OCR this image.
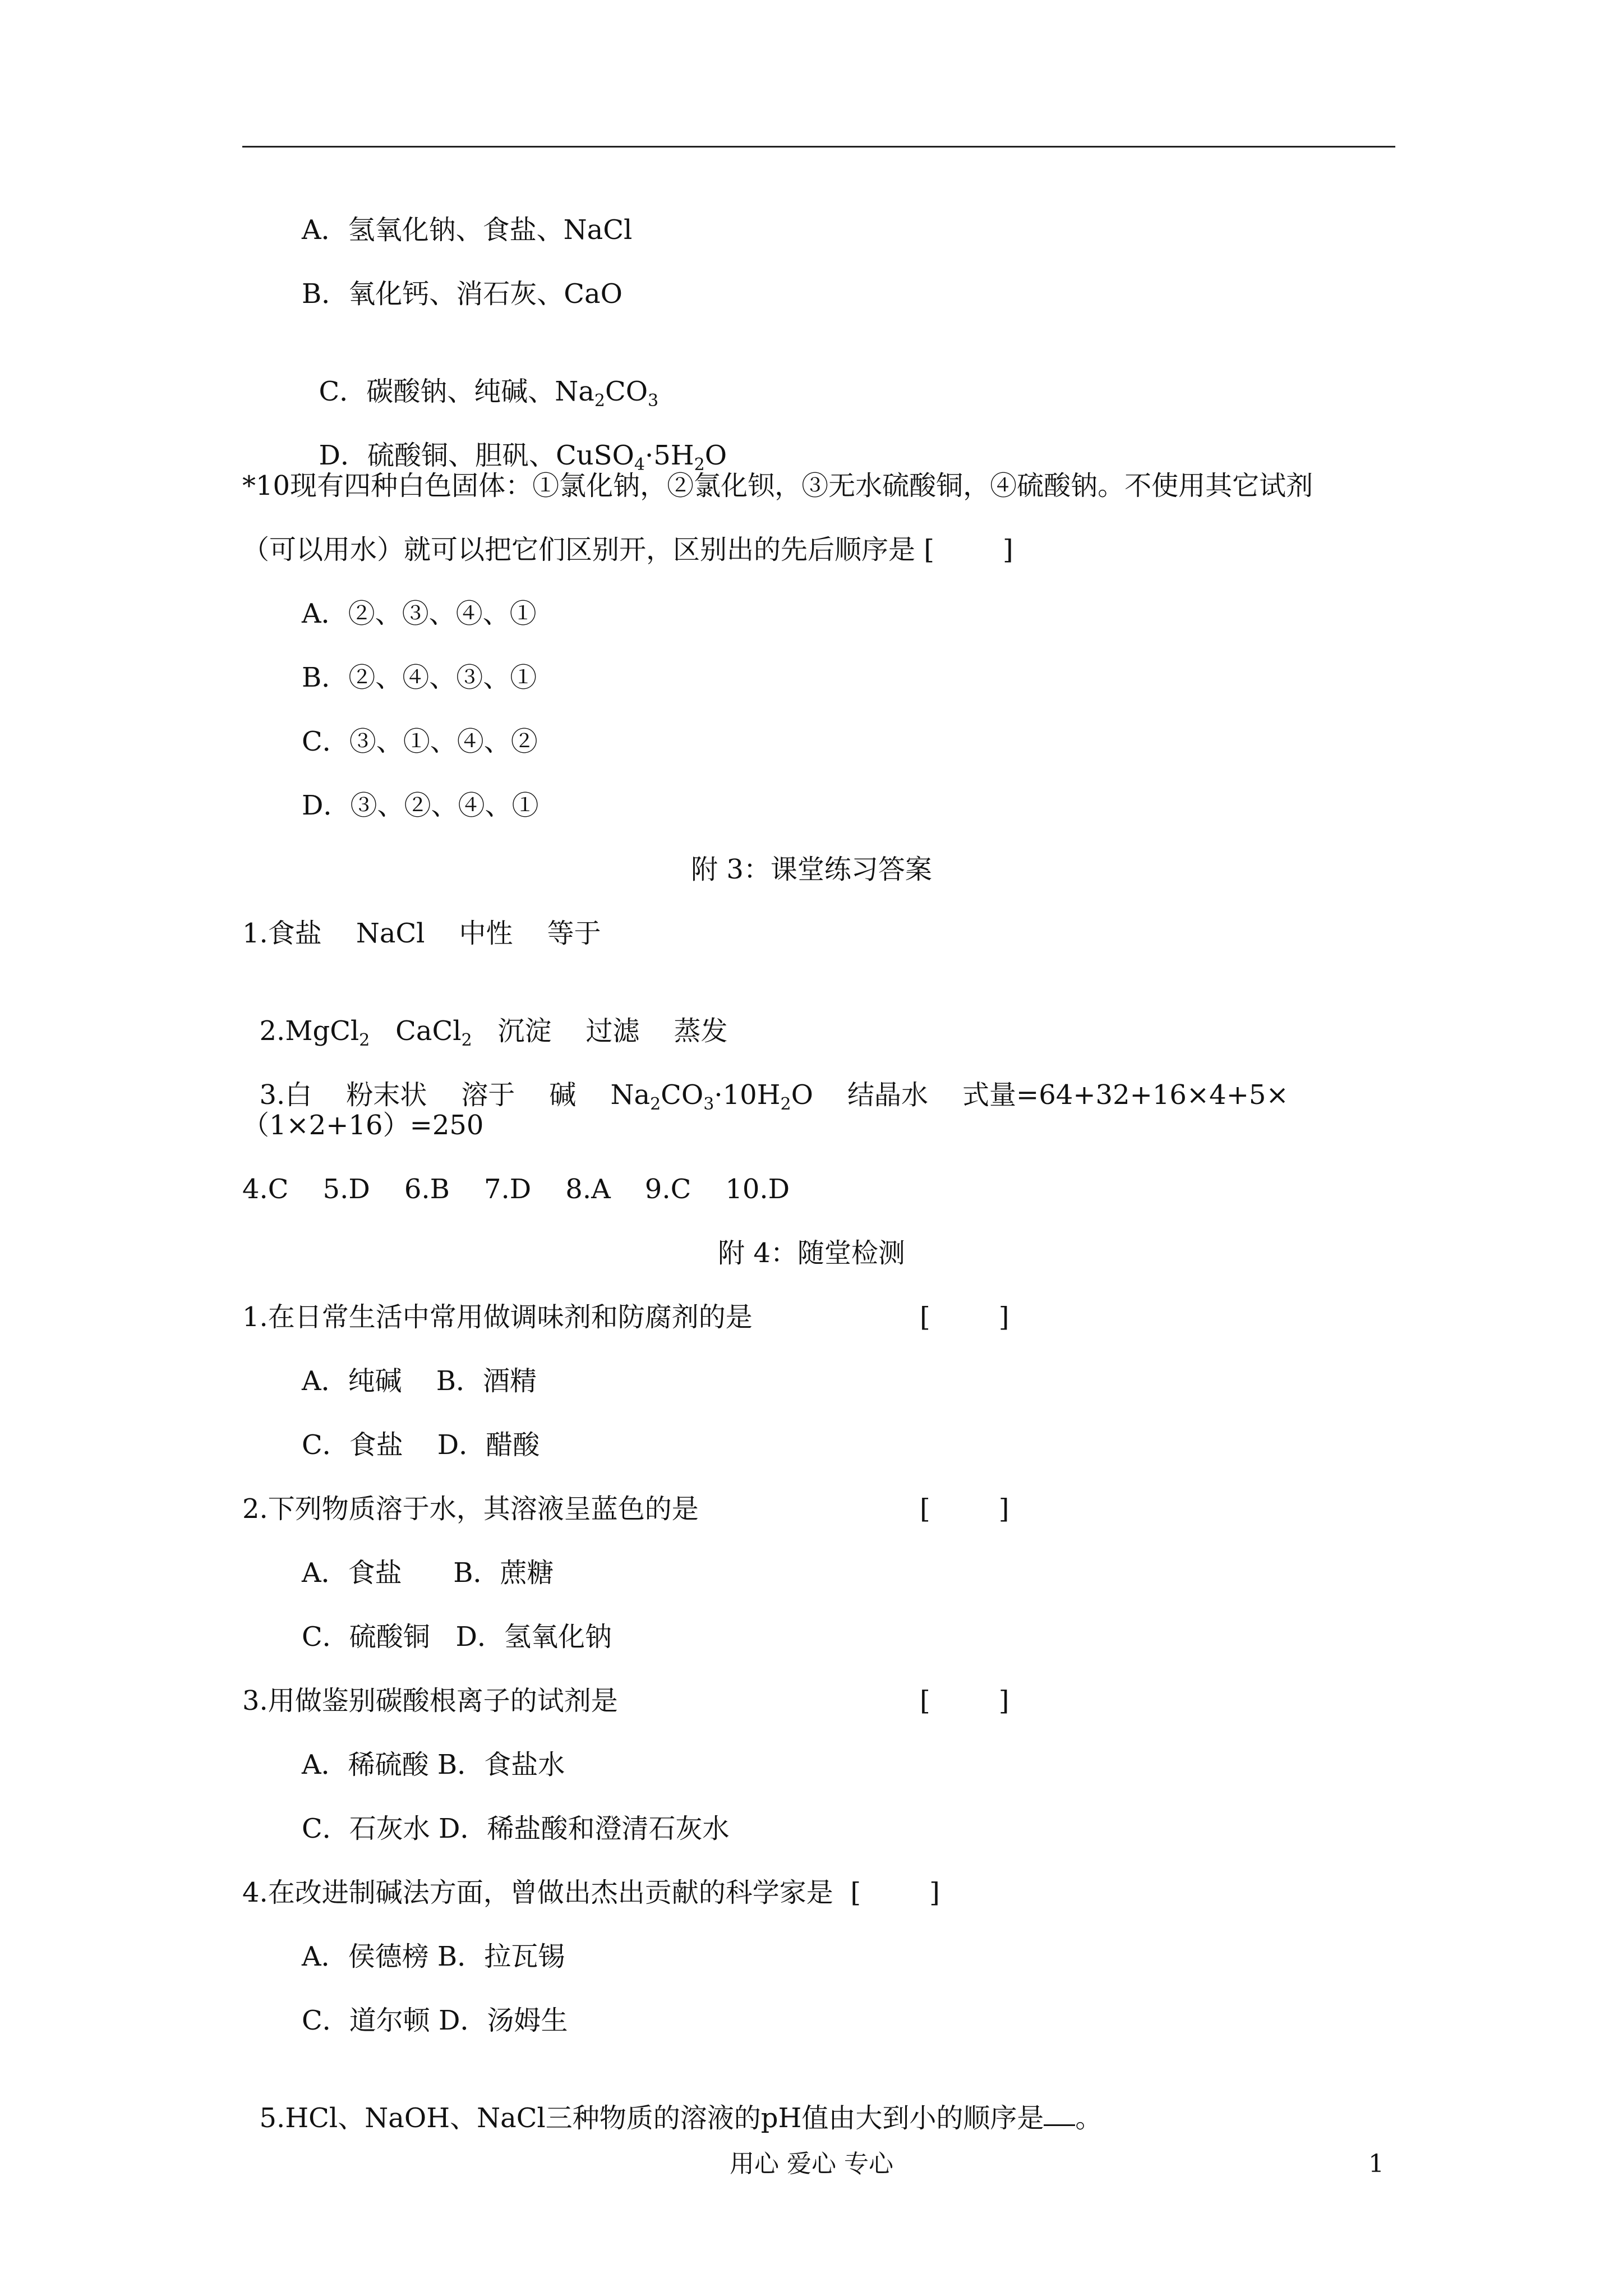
A．氢氧化钠、食盐、NaCl
B．氧化钙、消石灰、CaO

C．碳酸钠、纯碱、$Na_2CO_3$

D．硫酸铜、胆矾、$CuSO_4\cdot 5H_2O$

*10现有四种白色固体：①氯化钠，②氯化钡，③无水硫酸铜，④硫酸钠。不使用其它试剂
（可以用水）就可以把它们区别开，区别出的先后顺序是 [        ]
A．②、③、④、①
B．②、④、③、①
C．③、①、④、②
D．③、②、④、①
附 3：课堂练习答案
1.食盐    NaCl    中性    等于

2.MgCl$_2$   CaCl$_2$   沉淀    过滤    蒸发

3.白    粉末状    溶于    碱    $Na_2CO_3\cdot 10H_2O$    结晶水    式量=64+32+16×4+5×

（1×2+16）=250
4.C    5.D    6.B    7.D    8.A    9.C    10.D
附 4：随堂检测
1.在日常生活中常用做调味剂和防腐剂的是	[        ]
A．纯碱    B．酒精
C．食盐    D．醋酸
2.下列物质溶于水，其溶液呈蓝色的是	[        ]
A．食盐      B．蔗糖
C．硫酸铜   D．氢氧化钠
3.用做鉴别碳酸根离子的试剂是	[        ]
A．稀硫酸 B．食盐水
C．石灰水 D．稀盐酸和澄清石灰水
4.在改进制碱法方面，曾做出杰出贡献的科学家是  [        ]
A．侯德榜 B．拉瓦锡
C．道尔顿 D．汤姆生

5.HCl、NaOH、NaCl三种物质的溶液的pH值由大到小的顺序是 。

用心 爱心 专心	1
